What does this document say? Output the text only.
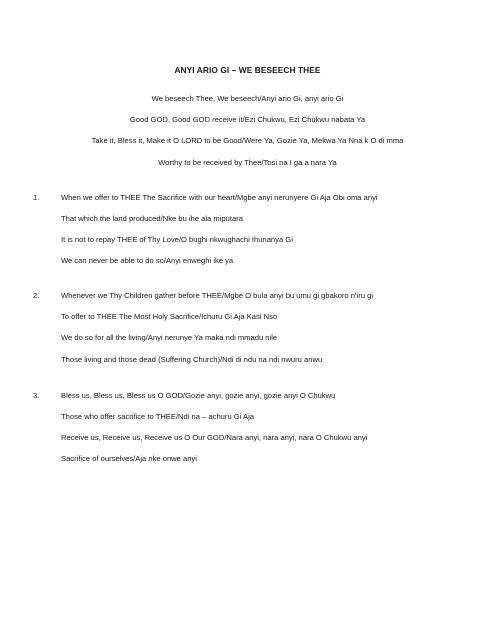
ANYI ARIO GI – WE BESEECH THEE
We beseech Thee, We beseech/Anyi ario Gi, anyi ario Gi
Good GOD, Good GOD receive it/Ezi Chukwu, Ezi Chukwu nabata Ya
Take it, Bless it, Make it O LORD to be Good/Were Ya, Gozie Ya, Mekwa Ya Nna k O di mma
Worthy to be received by Thee/Tosi na I ga a nara Ya
1.	When we offer to THEE The Sacrifice with our heart/Mgbe anyi nerunyere Gi Aja Obi oma anyi
That which the land produced/Nke bu ihe ala miputara
It is not to repay THEE of Thy Love/O bughi nkwughachi Ihunanya Gi
We can never be able to do so/Anyi enweghi ike ya
2.	Whenever we Thy Children gather before THEE/Mgbe O bula anyi bu umu gi gbakoro n’iru gi
To offer to THEE The Most Holy Sacrifice/Ichuru Gi Aja Kasi Nso
We do so for all the living/Anyi nerunye Ya maka ndi mmadu nile
Those living and those dead (Suffering Church)/Ndi di ndu na ndi nwuru anwu
3.	Bless us, Bless us, Bless us O GOD/Gozie anyi, gozie anyi, gozie anyi O Chukwu
Those who offer sacrifice to THEE/Ndi na – achuru Gi Aja
Receive us, Receive us, Receive us O Our GOD/Nara anyi, nara anyi, nara O Chukwu anyi
Sacrifice of ourselves/Aja nke onwe anyi
